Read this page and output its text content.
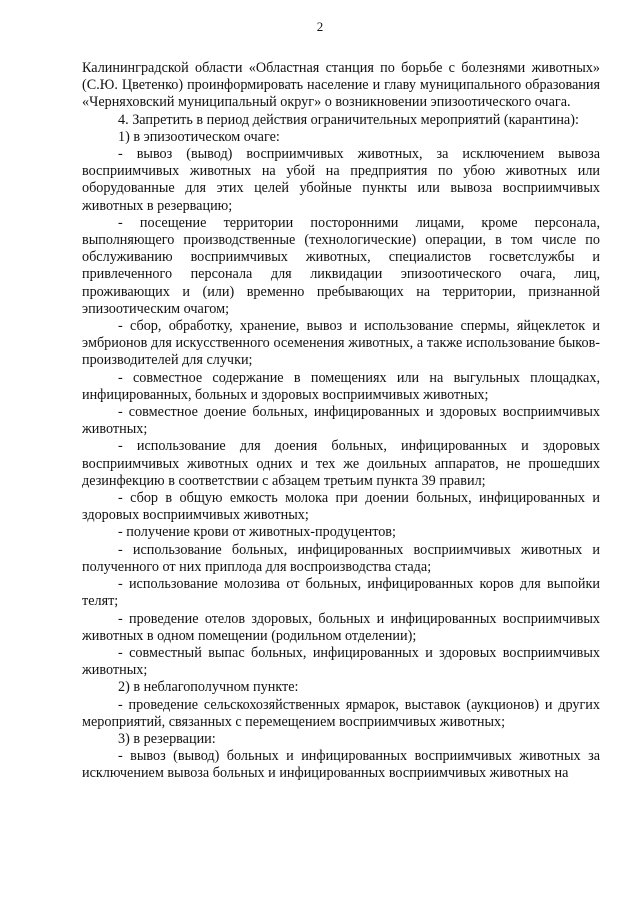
2

Калининградской области «Областная станция по борьбе с болезнями животных» (С.Ю. Цветенко) проинформировать население и главу муниципального образования «Черняховский муниципальный округ» о возникновении эпизоотического очага.

4. Запретить в период действия ограничительных мероприятий (карантина):

1) в эпизоотическом очаге:

- вывоз (вывод) восприимчивых животных, за исключением вывоза восприимчивых животных на убой на предприятия по убою животных или оборудованные для этих целей убойные пункты или вывоза восприимчивых животных в резервацию;

- посещение территории посторонними лицами, кроме персонала, выполняющего производственные (технологические) операции, в том числе по обслуживанию восприимчивых животных, специалистов госветслужбы и привлеченного персонала для ликвидации эпизоотического очага, лиц, проживающих и (или) временно пребывающих на территории, признанной эпизоотическим очагом;

- сбор, обработку, хранение, вывоз и использование спермы, яйцеклеток и эмбрионов для искусственного осеменения животных, а также использование быков-производителей для случки;

- совместное содержание в помещениях или на выгульных площадках, инфицированных, больных и здоровых восприимчивых животных;

- совместное доение больных, инфицированных и здоровых восприимчивых животных;

- использование для доения больных, инфицированных и здоровых восприимчивых животных одних и тех же доильных аппаратов, не прошедших дезинфекцию в соответствии с абзацем третьим пункта 39 правил;

- сбор в общую емкость молока при доении больных, инфицированных и здоровых восприимчивых животных;

- получение крови от животных-продуцентов;

- использование больных, инфицированных восприимчивых животных и полученного от них приплода для воспроизводства стада;

- использование молозива от больных, инфицированных коров для выпойки телят;

- проведение отелов здоровых, больных и инфицированных восприимчивых животных в одном помещении (родильном отделении);

- совместный выпас больных, инфицированных и здоровых восприимчивых животных;

2) в неблагополучном пункте:

- проведение сельскохозяйственных ярмарок, выставок (аукционов) и других мероприятий, связанных с перемещением восприимчивых животных;

3) в резервации:

- вывоз (вывод) больных и инфицированных восприимчивых животных за исключением вывоза больных и инфицированных восприимчивых животных на
